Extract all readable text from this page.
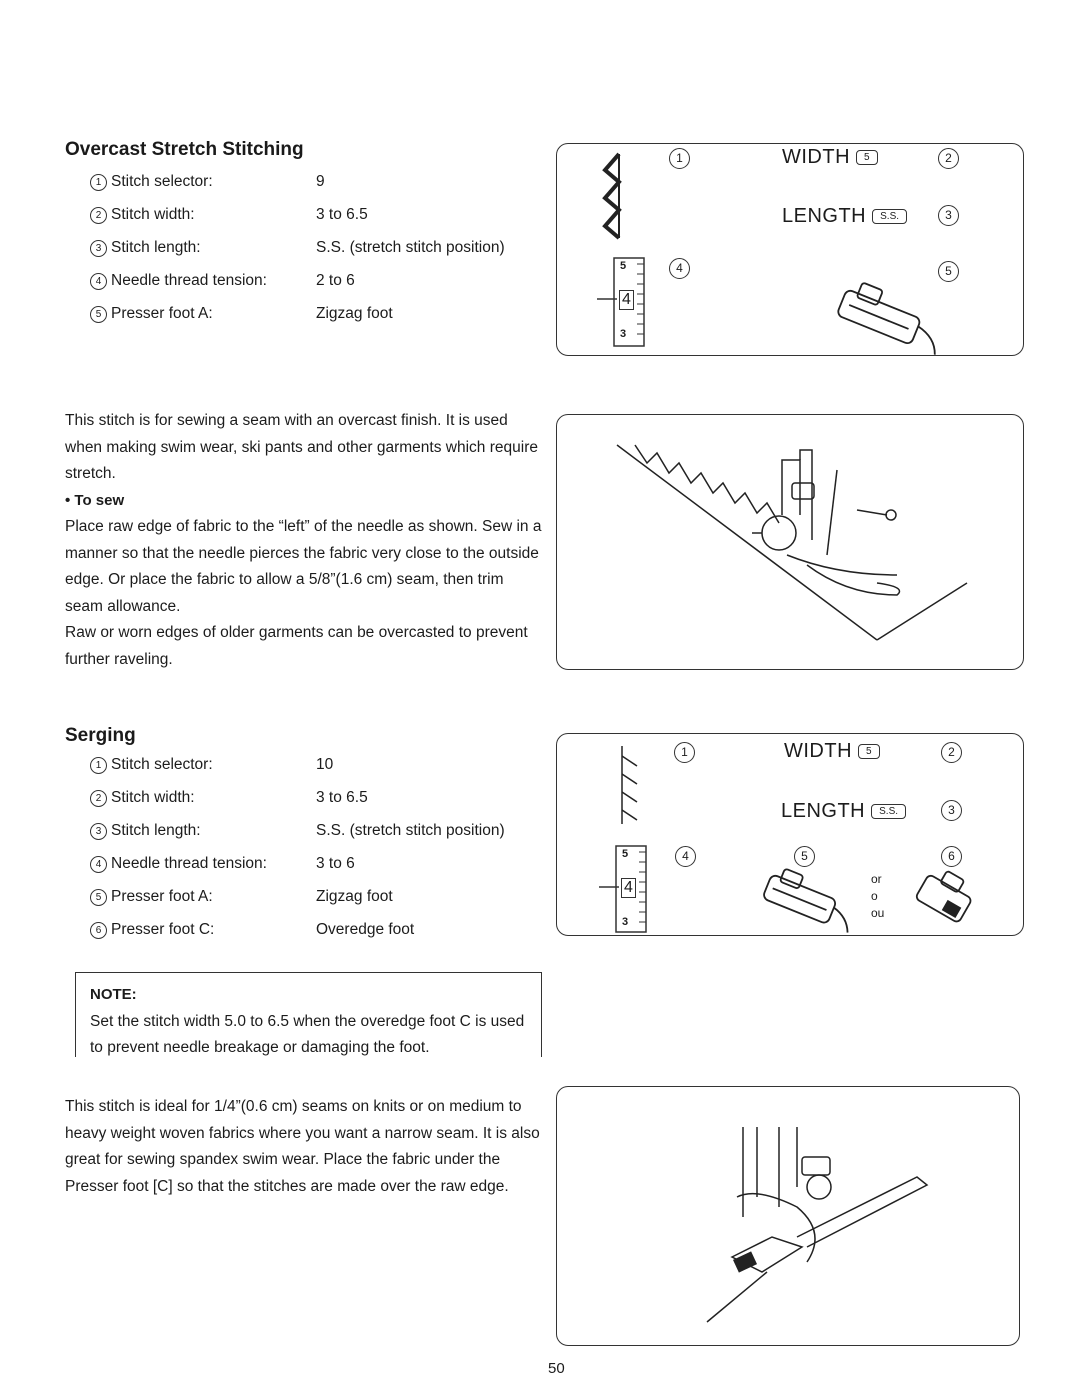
Overcast Stretch Stitching
1 Stitch selector:	9
2 Stitch width:	3 to 6.5
3 Stitch length:	S.S. (stretch stitch position)
4 Needle thread tension:	2 to 6
5 Presser foot A:	Zigzag foot
5
4
3
1	WIDTH 5	2
LENGTH S.S.	3
4	5

This stitch is for sewing a seam with an overcast finish. It is used when making swim wear, ski pants and other garments which require stretch.

• To sew

Place raw edge of fabric to the “left” of the needle as shown. Sew in a manner so that the needle pierces the fabric very close to the outside edge. Or place the fabric to allow a 5/8”(1.6 cm) seam, then trim seam allowance.

Raw or worn edges of older garments can be overcasted to prevent further raveling.

Serging
1 Stitch selector:	10
2 Stitch width:	3 to 6.5
3 Stitch length:	S.S. (stretch stitch position)
4 Needle thread tension:	3 to 6
5 Presser foot A:	Zigzag foot
6 Presser foot C:	Overedge foot
5
4
3
1	WIDTH 5	2
LENGTH S.S.	3
4	5	6
or
o
ou
NOTE:
Set the stitch width 5.0 to 6.5 when the overedge foot C is used to prevent needle breakage or damaging the foot.

This stitch is ideal for 1/4”(0.6 cm) seams on knits or on medium to heavy weight woven fabrics where you want a narrow seam. It is also great for sewing spandex swim wear. Place the fabric under the Presser foot [C] so that the stitches are made over the raw edge.

50
